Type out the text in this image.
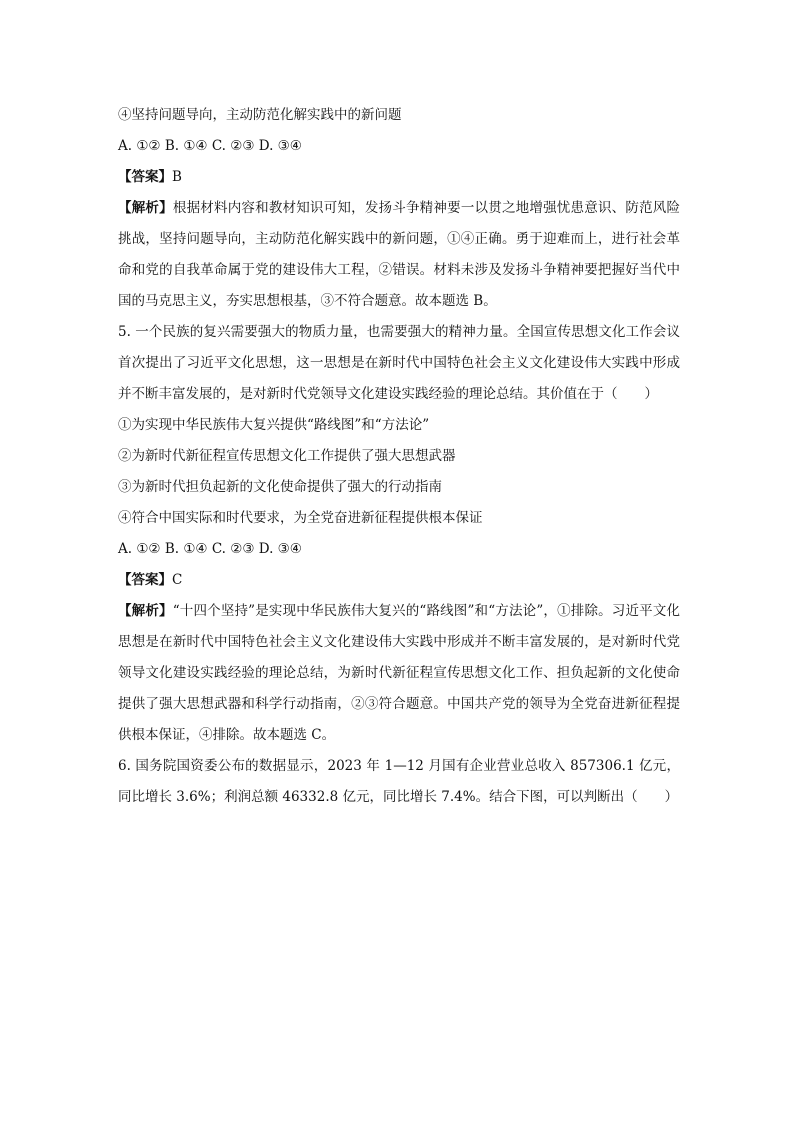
④坚持问题导向，主动防范化解实践中的新问题

A. ①② B. ①④ C. ②③ D. ③④

【答案】B

【解析】根据材料内容和教材知识可知，发扬斗争精神要一以贯之地增强忧患意识、防范风险挑战，坚持问题导向，主动防范化解实践中的新问题，①④正确。勇于迎难而上，进行社会革命和党的自我革命属于党的建设伟大工程，②错误。材料未涉及发扬斗争精神要把握好当代中国的马克思主义，夯实思想根基，③不符合题意。故本题选 B。

5. 一个民族的复兴需要强大的物质力量，也需要强大的精神力量。全国宣传思想文化工作会议首次提出了习近平文化思想，这一思想是在新时代中国特色社会主义文化建设伟大实践中形成并不断丰富发展的，是对新时代党领导文化建设实践经验的理论总结。其价值在于（　　）

①为实现中华民族伟大复兴提供“路线图”和“方法论”

②为新时代新征程宣传思想文化工作提供了强大思想武器

③为新时代担负起新的文化使命提供了强大的行动指南

④符合中国实际和时代要求，为全党奋进新征程提供根本保证

A. ①② B. ①④ C. ②③ D. ③④

【答案】C

【解析】“十四个坚持”是实现中华民族伟大复兴的“路线图”和“方法论”，①排除。习近平文化思想是在新时代中国特色社会主义文化建设伟大实践中形成并不断丰富发展的，是对新时代党领导文化建设实践经验的理论总结，为新时代新征程宣传思想文化工作、担负起新的文化使命提供了强大思想武器和科学行动指南，②③符合题意。中国共产党的领导为全党奋进新征程提供根本保证，④排除。故本题选 C。

6. 国务院国资委公布的数据显示，2023 年 1—12 月国有企业营业总收入 857306.1 亿元，同比增长 3.6%；利润总额 46332.8 亿元，同比增长 7.4%。结合下图，可以判断出（　　）
